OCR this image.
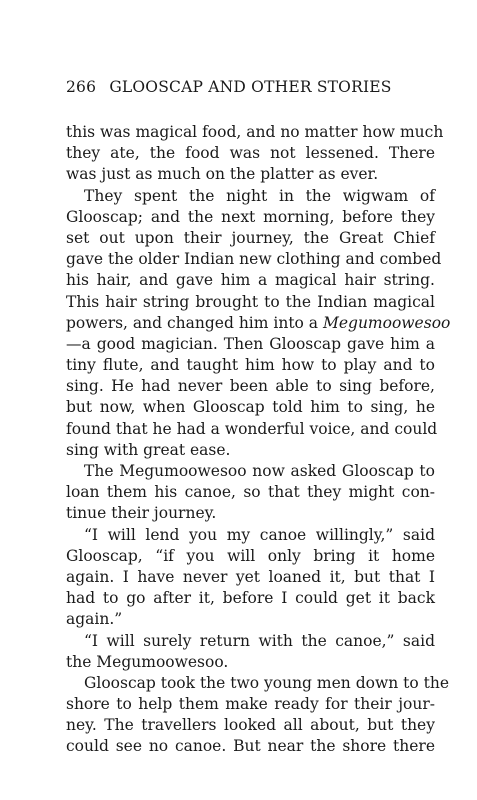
266 GLOOSCAP AND OTHER STORIES
this was magical food, and no matter how much
they ate, the food was not lessened. There
was just as much on the platter as ever.
They spent the night in the wigwam of
Glooscap; and the next morning, before they
set out upon their journey, the Great Chief
gave the older Indian new clothing and combed
his hair, and gave him a magical hair string.
This hair string brought to the Indian magical
powers, and changed him into a Megumoowesoo
—a good magician. Then Glooscap gave him a
tiny flute, and taught him how to play and to
sing. He had never been able to sing before,
but now, when Glooscap told him to sing, he
found that he had a wonderful voice, and could
sing with great ease.
The Megumoowesoo now asked Glooscap to
loan them his canoe, so that they might con-
tinue their journey.
“I will lend you my canoe willingly,” said
Glooscap, “if you will only bring it home
again. I have never yet loaned it, but that I
had to go after it, before I could get it back
again.”
“I will surely return with the canoe,” said
the Megumoowesoo.
Glooscap took the two young men down to the
shore to help them make ready for their jour-
ney. The travellers looked all about, but they
could see no canoe. But near the shore there
